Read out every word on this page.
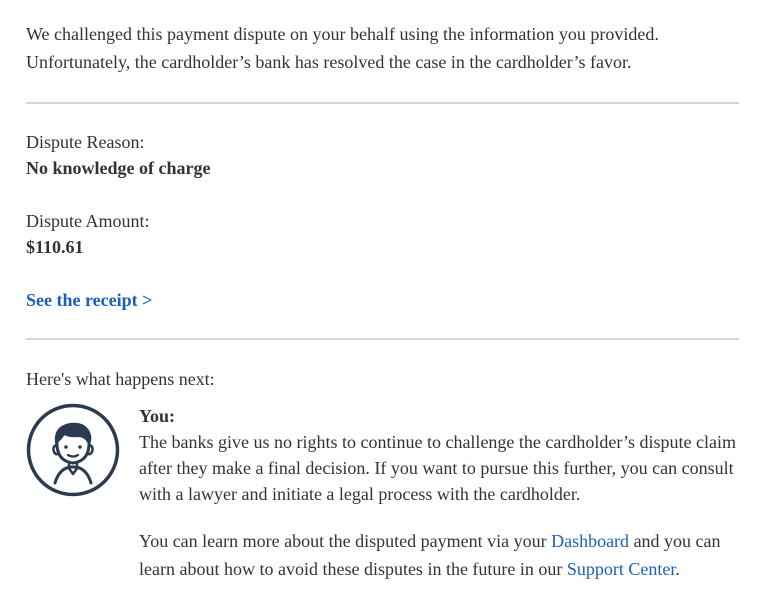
We challenged this payment dispute on your behalf using the information you provided.
Unfortunately, the cardholder’s bank has resolved the case in the cardholder’s favor.

Dispute Reason:

No knowledge of charge

Dispute Amount:

$110.61

See the receipt >

Here's what happens next:

You:

The banks give us no rights to continue to challenge the cardholder’s dispute claim after they make a final decision. If you want to pursue this further, you can consult with a lawyer and initiate a legal process with the cardholder.

You can learn more about the disputed payment via your Dashboard and you can learn about how to avoid these disputes in the future in our Support Center.
